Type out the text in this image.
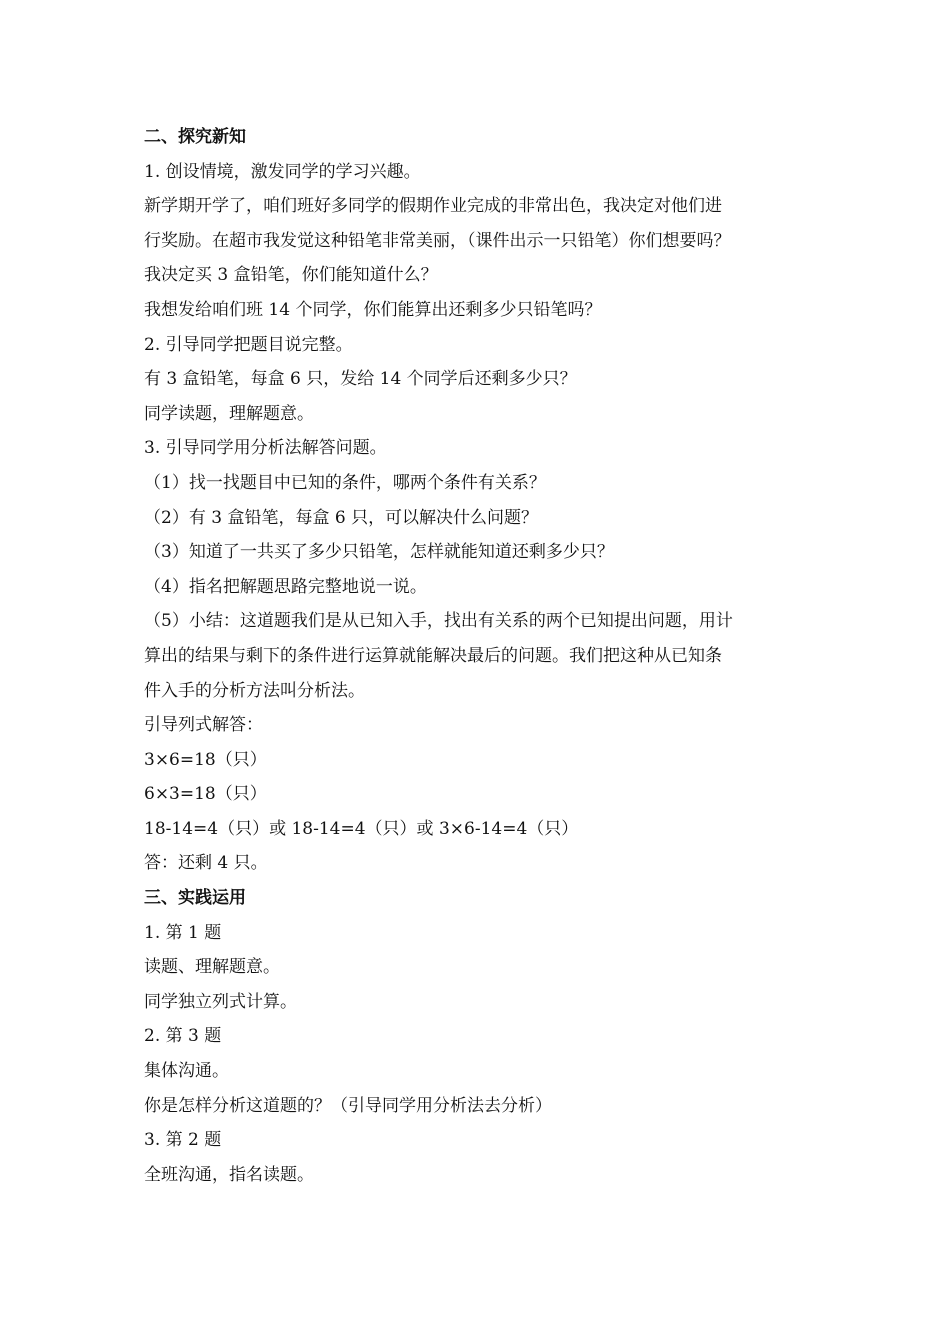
二、探究新知
1. 创设情境，激发同学的学习兴趣。
新学期开学了，咱们班好多同学的假期作业完成的非常出色，我决定对他们进
行奖励。在超市我发觉这种铅笔非常美丽，（课件出示一只铅笔）你们想要吗？
我决定买 3 盒铅笔，你们能知道什么？
我想发给咱们班 14 个同学，你们能算出还剩多少只铅笔吗？
2. 引导同学把题目说完整。
有 3 盒铅笔，每盒 6 只，发给 14 个同学后还剩多少只？
同学读题，理解题意。
3. 引导同学用分析法解答问题。
（1）找一找题目中已知的条件，哪两个条件有关系？
（2）有 3 盒铅笔，每盒 6 只，可以解决什么问题？
（3）知道了一共买了多少只铅笔，怎样就能知道还剩多少只？
（4）指名把解题思路完整地说一说。
（5）小结：这道题我们是从已知入手，找出有关系的两个已知提出问题，用计
算出的结果与剩下的条件进行运算就能解决最后的问题。我们把这种从已知条
件入手的分析方法叫分析法。
引导列式解答：
3×6=18（只）
6×3=18（只）
18-14=4（只）或 18-14=4（只）或 3×6-14=4（只）
答：还剩 4 只。
三、实践运用
1. 第 1 题
读题、理解题意。
同学独立列式计算。
2. 第 3 题
集体沟通。
你是怎样分析这道题的？（引导同学用分析法去分析）
3. 第 2 题
全班沟通，指名读题。
